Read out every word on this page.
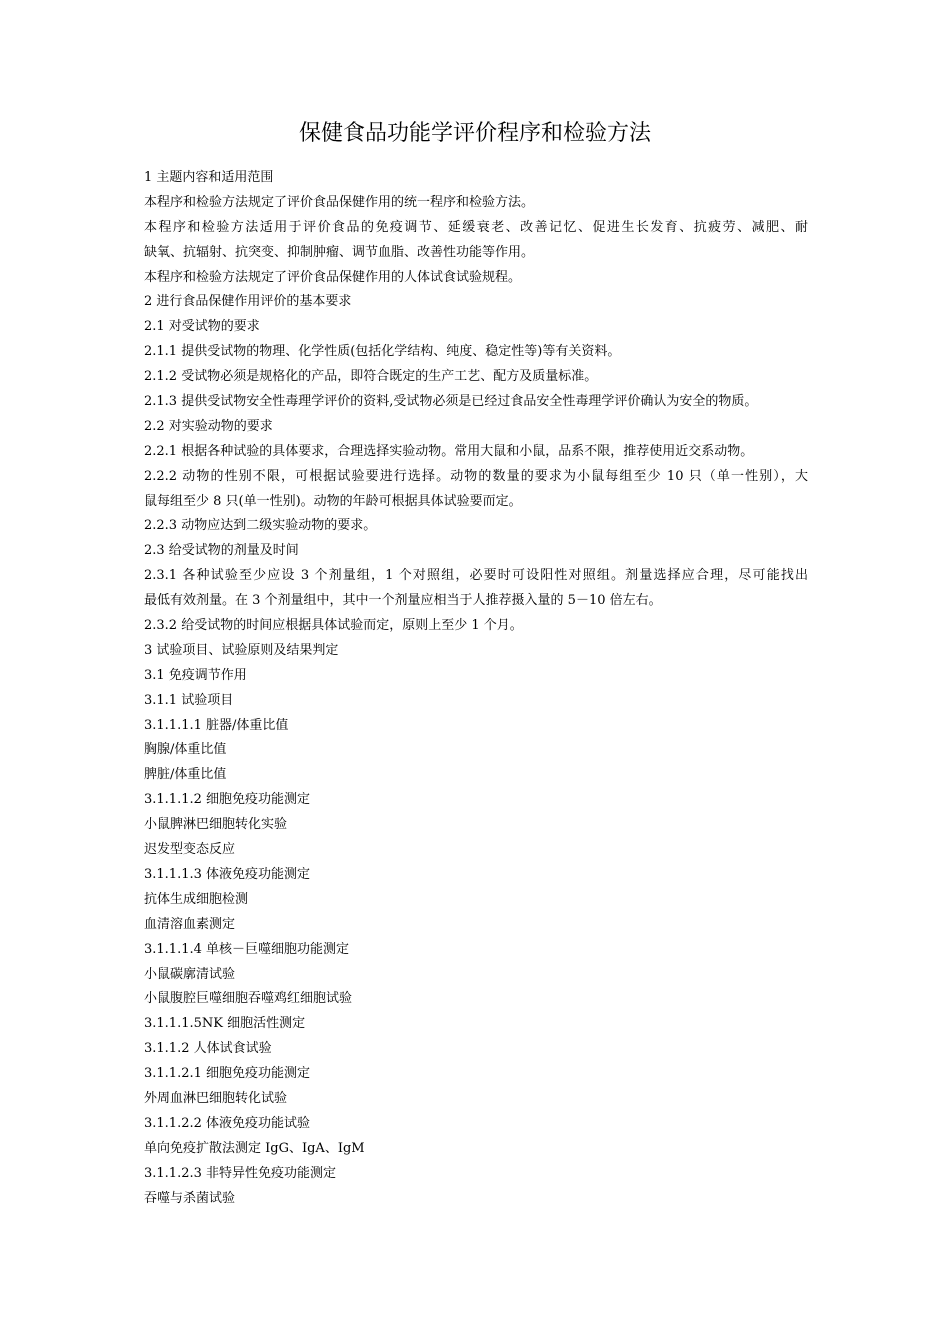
保健食品功能学评价程序和检验方法
1 主题内容和适用范围
本程序和检验方法规定了评价食品保健作用的统一程序和检验方法。
本程序和检验方法适用于评价食品的免疫调节、延缓衰老、改善记忆、促进生长发育、抗疲劳、减肥、耐
缺氧、抗辐射、抗突变、抑制肿瘤、调节血脂、改善性功能等作用。
本程序和检验方法规定了评价食品保健作用的人体试食试验规程。
2 进行食品保健作用评价的基本要求
2.1 对受试物的要求
2.1.1 提供受试物的物理、化学性质(包括化学结构、纯度、稳定性等)等有关资料。
2.1.2 受试物必须是规格化的产品，即符合既定的生产工艺、配方及质量标准。
2.1.3 提供受试物安全性毒理学评价的资料,受试物必须是已经过食品安全性毒理学评价确认为安全的物质。
2.2 对实验动物的要求
2.2.1 根据各种试验的具体要求，合理选择实验动物。常用大鼠和小鼠，品系不限，推荐使用近交系动物。
2.2.2 动物的性别不限，可根据试验要进行选择。动物的数量的要求为小鼠每组至少 10 只（单一性别），大
鼠每组至少 8 只(单一性别)。动物的年龄可根据具体试验要而定。
2.2.3 动物应达到二级实验动物的要求。
2.3 给受试物的剂量及时间
2.3.1 各种试验至少应设 3 个剂量组，1 个对照组，必要时可设阳性对照组。剂量选择应合理，尽可能找出
最低有效剂量。在 3 个剂量组中，其中一个剂量应相当于人推荐摄入量的 5－10 倍左右。
2.3.2 给受试物的时间应根据具体试验而定，原则上至少 1 个月。
3 试验项目、试验原则及结果判定
3.1 免疫调节作用
3.1.1 试验项目
3.1.1.1.1 脏器/体重比值
胸腺/体重比值
脾脏/体重比值
3.1.1.1.2 细胞免疫功能测定
小鼠脾淋巴细胞转化实验
迟发型变态反应
3.1.1.1.3 体液免疫功能测定
抗体生成细胞检测
血清溶血素测定
3.1.1.1.4 单核－巨噬细胞功能测定
小鼠碳廓清试验
小鼠腹腔巨噬细胞吞噬鸡红细胞试验
3.1.1.1.5NK 细胞活性测定
3.1.1.2 人体试食试验
3.1.1.2.1 细胞免疫功能测定
外周血淋巴细胞转化试验
3.1.1.2.2 体液免疫功能试验
单向免疫扩散法测定 IgG、IgA、IgM
3.1.1.2.3 非特异性免疫功能测定
吞噬与杀菌试验
